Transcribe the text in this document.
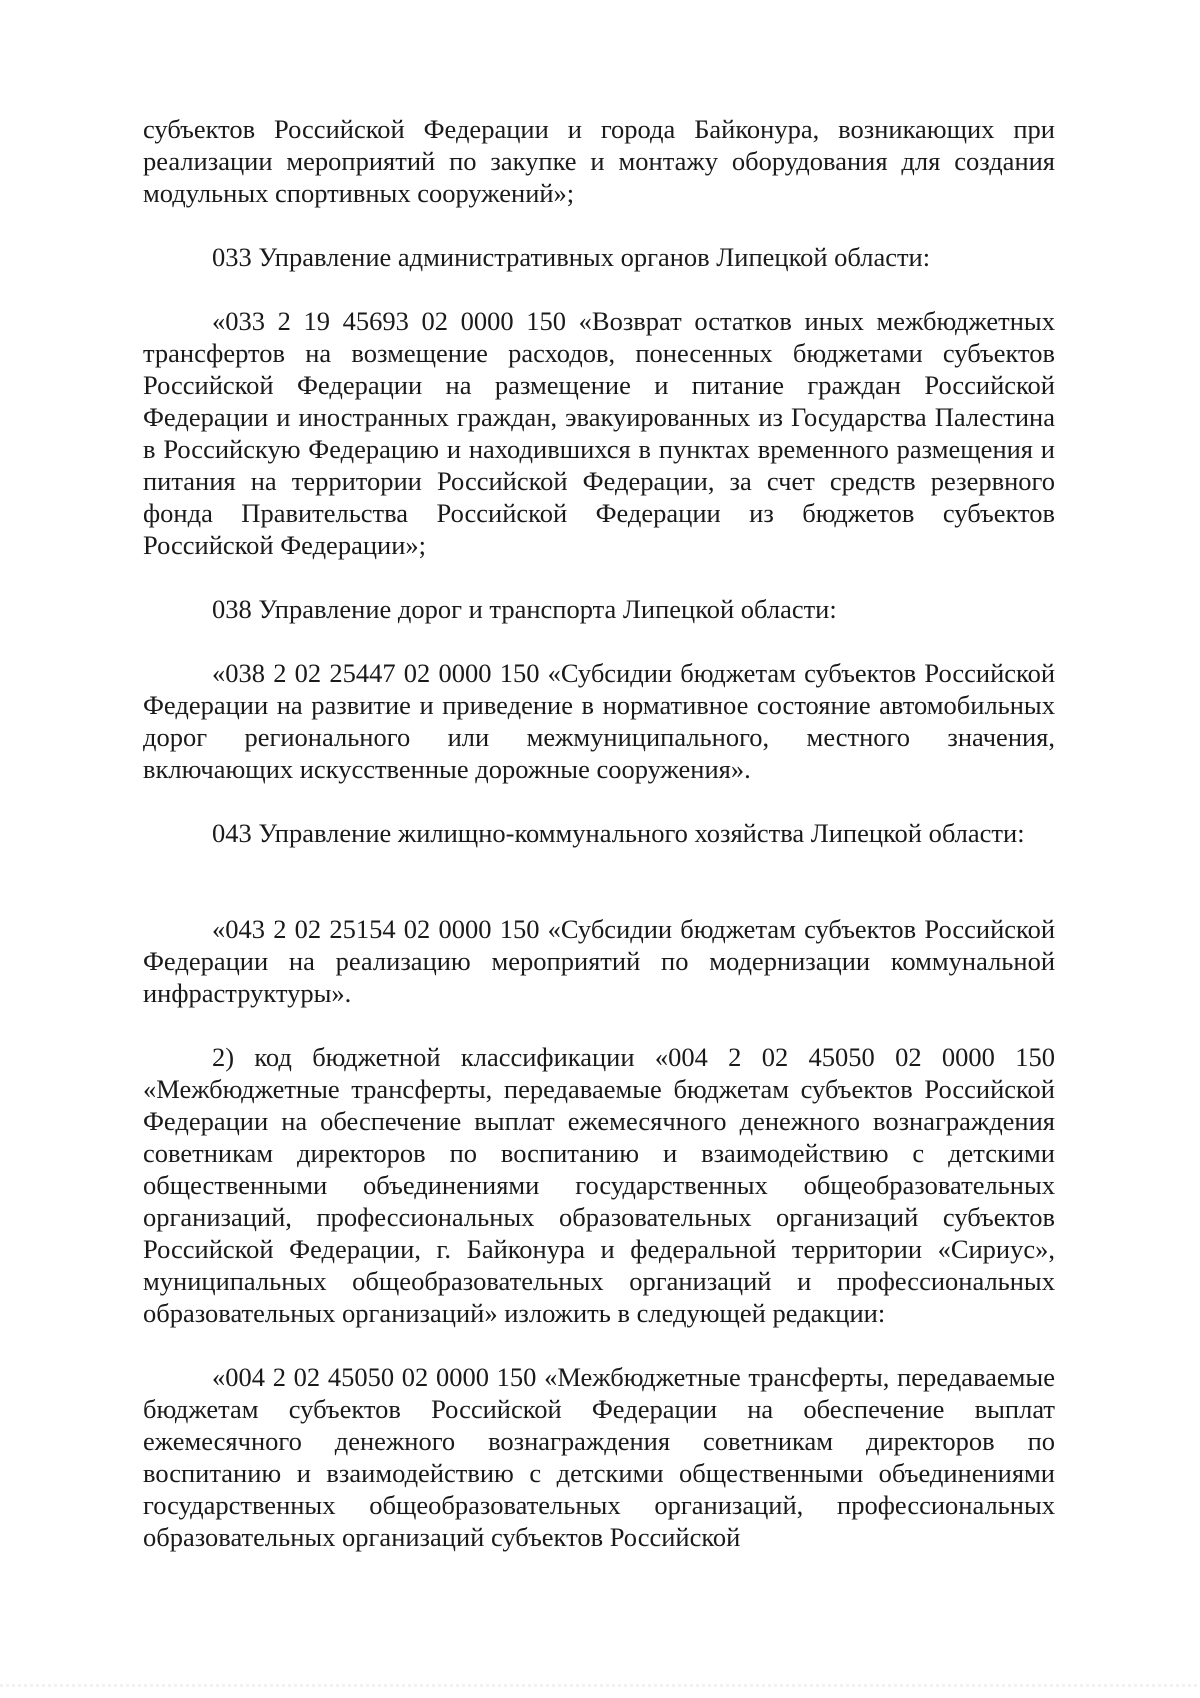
субъектов Российской Федерации и города Байконура, возникающих при реализации мероприятий по закупке и монтажу оборудования для создания модульных спортивных сооружений»;

033 Управление административных органов Липецкой области:

«033 2 19 45693 02 0000 150 «Возврат остатков иных межбюджетных трансфертов на возмещение расходов, понесенных бюджетами субъектов Российской Федерации на размещение и питание граждан Российской Федерации и иностранных граждан, эвакуированных из Государства Палестина в Российскую Федерацию и находившихся в пунктах временного размещения и питания на территории Российской Федерации, за счет средств резервного фонда Правительства Российской Федерации из бюджетов субъектов Российской Федерации»;

038 Управление дорог и транспорта Липецкой области:

«038 2 02 25447 02 0000 150 «Субсидии бюджетам субъектов Российской Федерации на развитие и приведение в нормативное состояние автомобильных дорог регионального или межмуниципального, местного значения, включающих искусственные дорожные сооружения».

043 Управление жилищно-коммунального хозяйства Липецкой области:

«043 2 02 25154 02 0000 150 «Субсидии бюджетам субъектов Российской Федерации на реализацию мероприятий по модернизации коммунальной инфраструктуры».

2) код бюджетной классификации «004 2 02 45050 02 0000 150 «Межбюджетные трансферты, передаваемые бюджетам субъектов Российской Федерации на обеспечение выплат ежемесячного денежного вознаграждения советникам директоров по воспитанию и взаимодействию с детскими общественными объединениями государственных общеобразовательных организаций, профессиональных образовательных организаций субъектов Российской Федерации, г. Байконура и федеральной территории «Сириус», муниципальных общеобразовательных организаций и профессиональных образовательных организаций» изложить в следующей редакции:

«004 2 02 45050 02 0000 150 «Межбюджетные трансферты, передаваемые бюджетам субъектов Российской Федерации на обеспечение выплат ежемесячного денежного вознаграждения советникам директоров по воспитанию и взаимодействию с детскими общественными объединениями государственных общеобразовательных организаций, профессиональных образовательных организаций субъектов Российской
